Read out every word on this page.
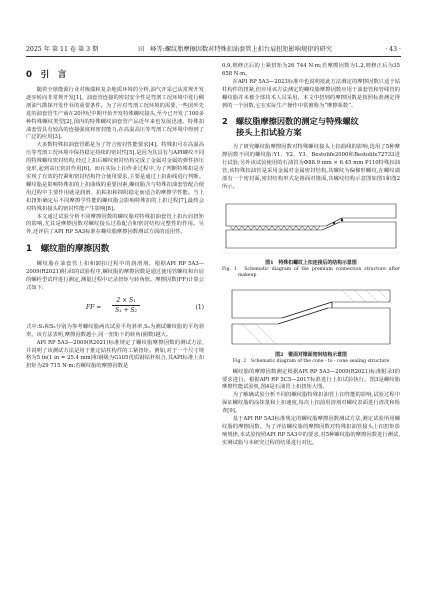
2025 年 第 11 卷 第 3 期	田　峰等:螺纹脂摩擦因数对特殊扣油套管上扣台肩扭矩影响规律的研究	· 43 ·
0　引　言

随着全球能源行业对极端和复杂地质环境的分析,油气开采已从常规开发逐步转向非常规开发[1]。油套管连接的密封安全性是弯剖工况环境中进行稠剖油气勘探开发作业的重要条件。为了应对弯剖工况环境的需要,一些国外先进的油套管生产商在20世纪中期开始开发特殊螺纹接头,至今已开发了100多种特殊螺纹类型[2],国内的特殊螺纹油套管产品近年来也发展迅速。特殊扣油套管具有较高的连接强度和密封能力,在高温高压等弯剖工况环境中得到了广泛的应用[3]。

大多数特殊扣油套管都是为了符合密封性能要求[4]。特殊扣可在高温高压等弯剖工况环境中保持稳定持续的密封性[5],是因为其具有与API螺纹不同的特殊螺纹密封结构,经过上扣后螺纹密封结构完成了金属对金属的弹性挤压变形,起到高压密封作用[6]。而在实际上扣作业过程中,为了判断特殊扣是否实现了有效的拧紧和密封结构符合使用要求,主要是通过上扣曲线进行判断。螺纹脂是影响特殊扣的上扣曲线的重要因素,螺纹脂含与特殊扣油套管配合使用过程中主要作用就是润滑、抗粘扣和抑阻稳定而适合的摩擦学性能。当上扣扭矩确定后不同摩擦学性能的螺纹脂会影响特殊扣的上扣过程[7],最终会对特殊扣接头的密封性能产生影响[8]。

本文通过试验分析不同摩擦因数的螺纹脂对特殊扣油套管上扣台肩扭矩的影响,尤其是摩擦因数对螺纹接头过盈配合和密封结构完整性的作用。另外,还评估了API RP 5A3标准在螺纹脂摩擦因数测试方面的适用性。

1　螺纹脂的摩擦因数

螺纹脂在油套管上扣和卸扣过程中的润滑剂。根据API RP 5A3—2009(R2021)附录I的试验程序,螺纹脂的摩擦因数是通过使用管螺纹和台肩的螺栓型试样进行测定,测量过程中记录扭矩与转角值。摩擦因数(FF)计算公式如下:

FF = $\frac{\text{2 × S₁}}{\text{S₁ + S₂}}$	(1)

式中:S₁和S₂分别为参考螺纹脂两次试验平均斜率,S₂为测试螺纹脂的平均斜率。该方法表明,摩擦因数越小,同一扭矩下的转角(圈数)越大。

API RP 5A3—2009(R2021)标准规定了螺纹脂摩擦因数的测试方法,并说明了该测试方法是用于推定钻柱构件的工紧扭矩。例如,对于一个尺寸规格为5 in(1 in = 25.4 mm)和钢级为G105优质钢钻杆组合,其API标准上扣扭矩为29 715 N·m;若螺纹脂的摩擦因数是

0.9,则修正后的上紧扭矩为26 744 N·m;若摩擦因数为1.2,则修正后为35 658 N·m。

在API RP 5A3—2023标准中也说明按此方法测定的摩擦因数只适于钻柱构件的扭紧,但应用该方法测定的螺纹脂摩擦因数应用于油套管和管线管的螺纹脂并未被全部技术人员采用。本文中扭到的摩擦因数是按照标准测定得到的一个因数,它在实际生产操作中常被称为“摩擦系数”。

2　螺纹脂摩擦因数的测定与特殊螺纹
接头上扣试验方案

为了研究螺纹脂摩擦因数对特殊螺纹接头上扣曲线的影响,选用了5种摩擦因数不同的螺纹脂:Y1、Y2、Y3、Bestolife2000和Bestolife72733进行试验;另外该试验使用的石油管为Φ88.9 mm × 6.45 mm P110特殊扣油管,该特殊扣油管是采用金属对金属密封结构,其螺纹为偏梯形螺纹,在螺纹端部有一个密封面,密封结构形式是锥面对锥面,其螺纹结构示意图如图1和图2所示。

图1　特殊扣螺纹上扣连接后的结构示意图
Fig. 1　Schematic diagram of the premium connection structure after makeup
图2　锥面对锥面密封结构示意图
Fig. 2　Schematic diagram of the cone - to - cone sealing structure

螺纹脂的摩擦因数测定根据API RP 5A3—2009(R2021)标准附录I的要求进行。根据API RP 5C5—2017标准进行上扣试验执行。图3是螺纹脂摩擦性能试验机,图4是石油管上扣扭矩大图。

为了解确试验分析不同的螺纹脂特殊扣油管上扣性能的影响,试验过程中保证螺纹脂的涂抹量和上扣速度,每次上扣前用溶剂对螺纹表面进行清洗和检查[9]。

基于API RP 5A3标准规定的螺纹脂摩擦因数测试方法,测定试验所用螺纹脂的摩擦因数。为了评估螺纹脂的摩擦因数对特殊扣油管接头上扣扭矩影响规律,本试验按照API RP 5A3中的要求,对5种螺纹脂的摩擦因数进行测试,实测试脂与本研究过程的结果进行对比。
